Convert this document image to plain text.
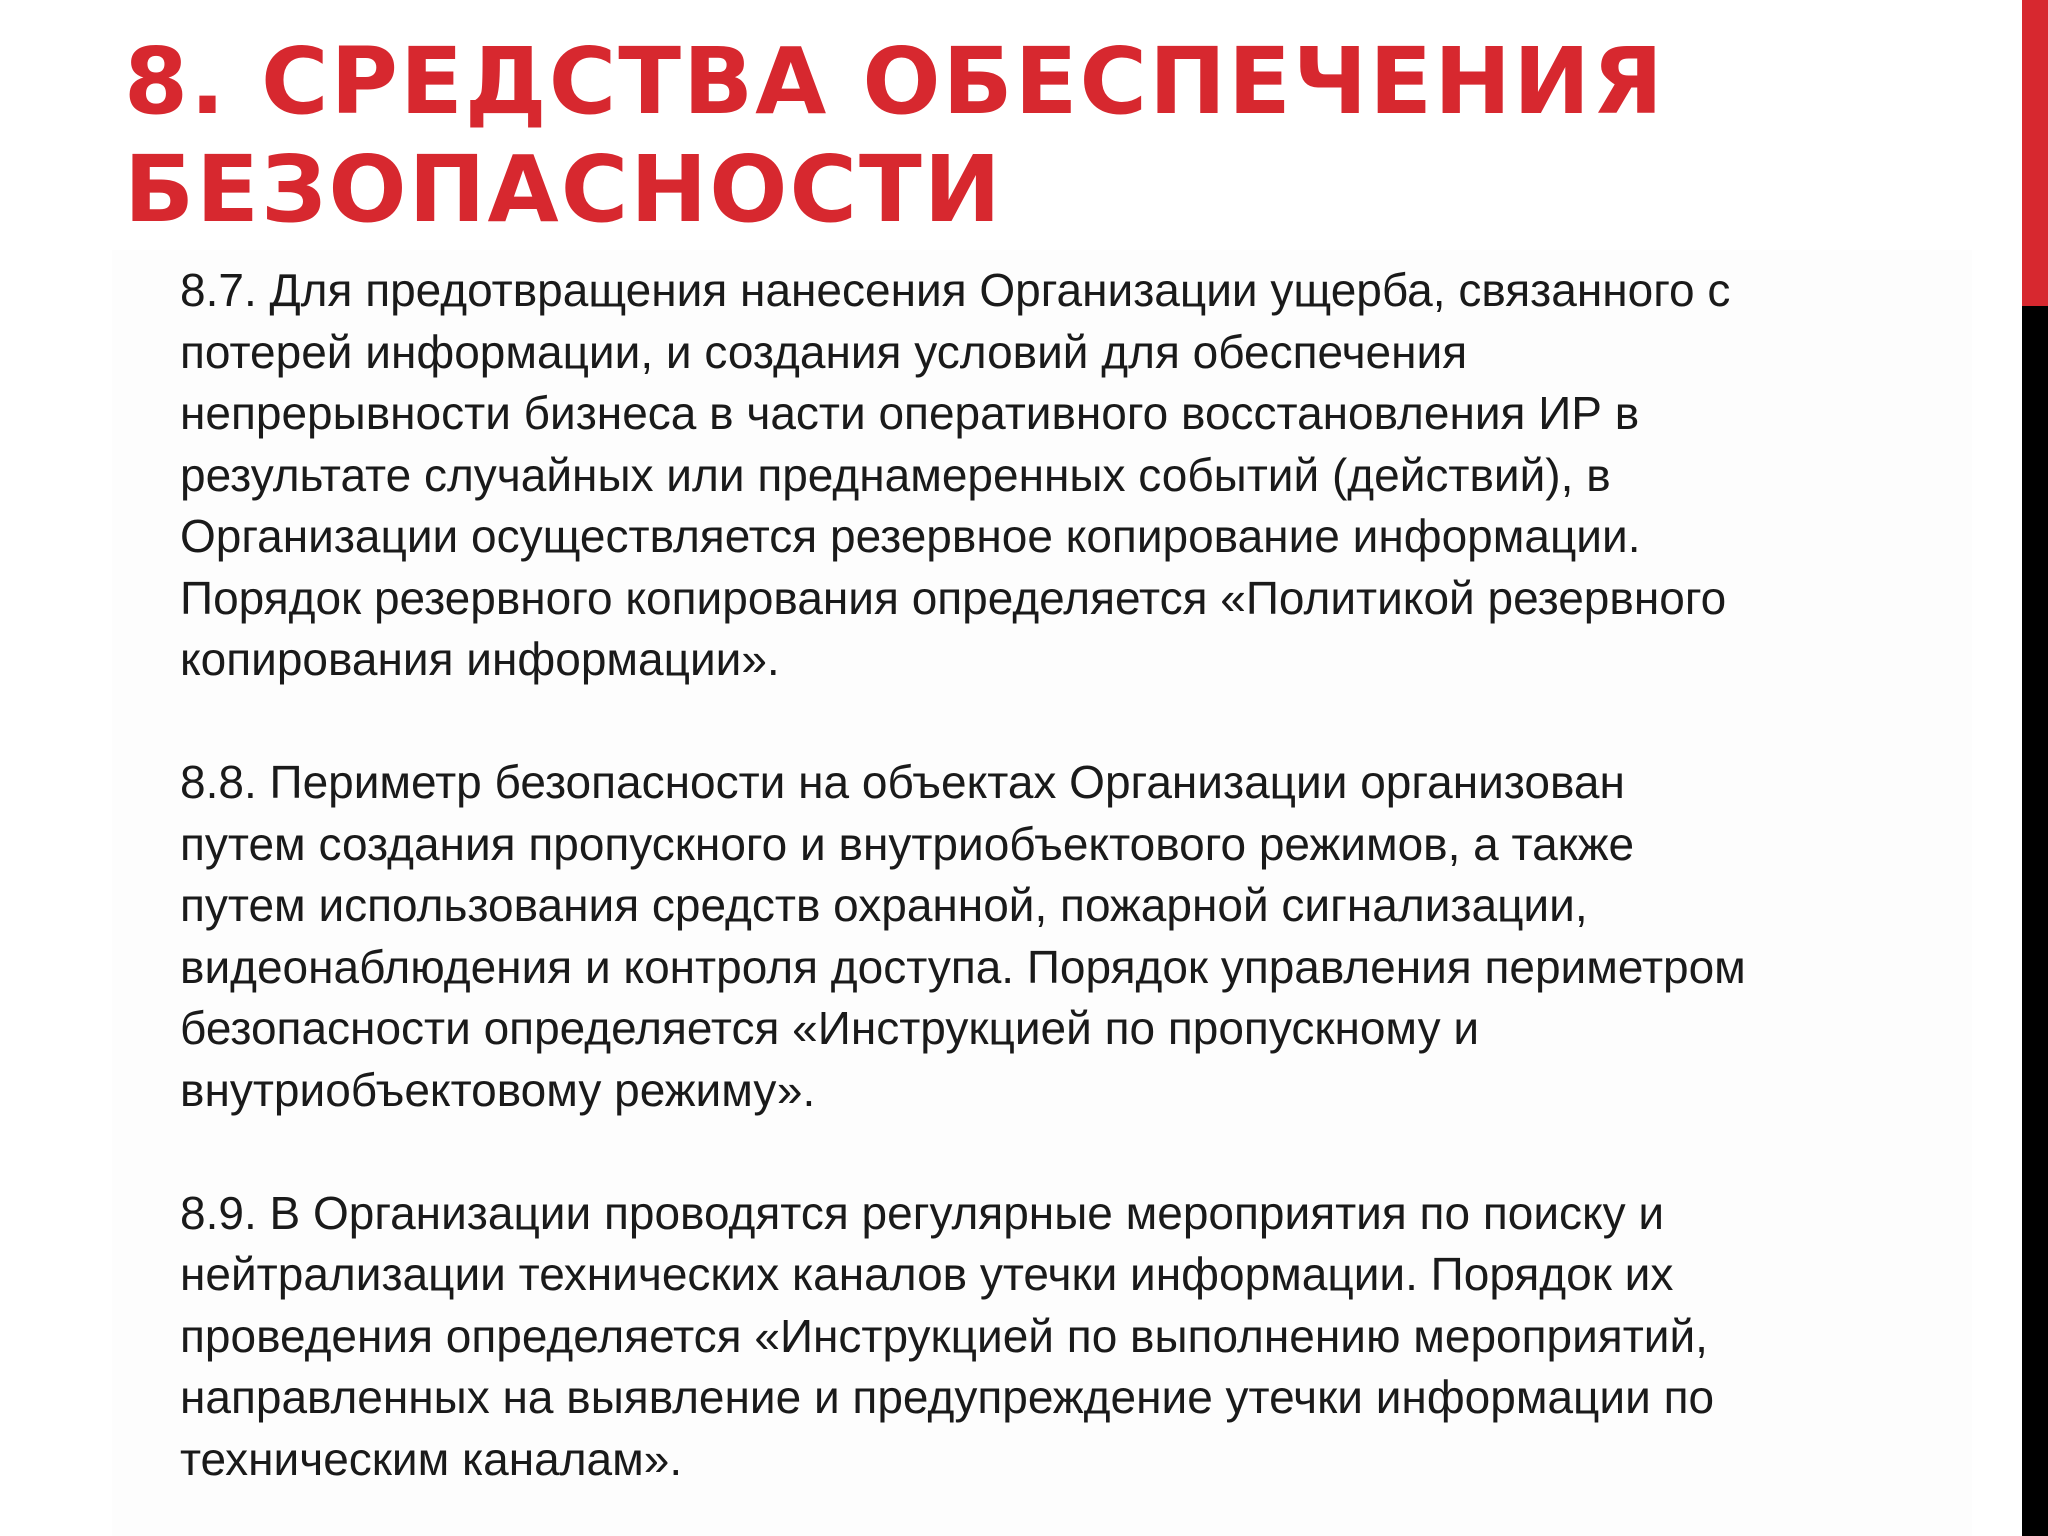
8. СРЕДСТВА ОБЕСПЕЧЕНИЯ
БЕЗОПАСНОСТИ

8.7. Для предотвращения нанесения Организации ущерба, связанного с
потерей информации, и создания условий для обеспечения
непрерывности бизнеса в части оперативного восстановления ИР в
результате случайных или преднамеренных событий (действий), в
Организации осуществляется резервное копирование информации.
Порядок резервного копирования определяется «Политикой резервного
копирования информации».

8.8. Периметр безопасности на объектах Организации организован
путем создания пропускного и внутриобъектового режимов, а также
путем использования средств охранной, пожарной сигнализации,
видеонаблюдения и контроля доступа. Порядок управления периметром
безопасности определяется «Инструкцией по пропускному и
внутриобъектовому режиму».

8.9. В Организации проводятся регулярные мероприятия по поиску и
нейтрализации технических каналов утечки информации. Порядок их
проведения определяется «Инструкцией по выполнению мероприятий,
направленных на выявление и предупреждение утечки информации по
техническим каналам».
